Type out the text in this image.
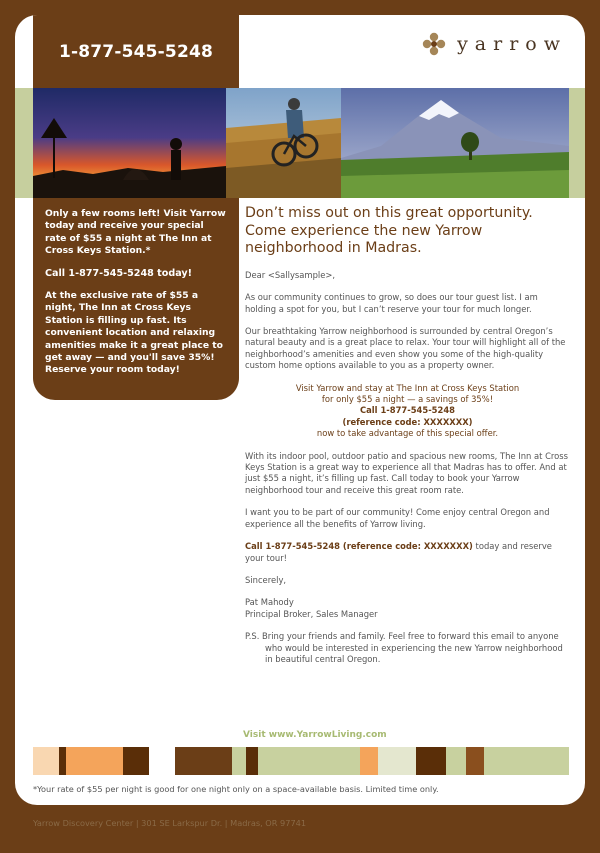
1-877-545-5248	yarrow

Only a few rooms left! Visit Yarrow today and receive your special rate of $55 a night at The Inn at Cross Keys Station.*

Call 1-877-545-5248 today!

At the exclusive rate of $55 a night, The Inn at Cross Keys Station is filling up fast. Its convenient location and relaxing amenities make it a great place to get away — and you'll save 35%! Reserve your room today!

Don’t miss out on this great opportunity. Come experience the new Yarrow neighborhood in Madras.

Dear <Sallysample>,

As our community continues to grow, so does our tour guest list. I am holding a spot for you, but I can’t reserve your tour for much longer.

Our breathtaking Yarrow neighborhood is surrounded by central Oregon’s natural beauty and is a great place to relax. Your tour will highlight all of the neighborhood’s amenities and even show you some of the high-quality custom home options available to you as a property owner.

Visit Yarrow and stay at The Inn at Cross Keys Station
for only $55 a night — a savings of 35%!
Call 1-877-545-5248
(reference code: XXXXXXX)
now to take advantage of this special offer.

With its indoor pool, outdoor patio and spacious new rooms, The Inn at Cross Keys Station is a great way to experience all that Madras has to offer. And at just $55 a night, it’s filling up fast. Call today to book your Yarrow neighborhood tour and receive this great room rate.

I want you to be part of our community! Come enjoy central Oregon and experience all the benefits of Yarrow living.

Call 1-877-545-5248 (reference code: XXXXXXX) today and reserve your tour!

Sincerely,

Pat Mahody
Principal Broker, Sales Manager

P.S. Bring your friends and family. Feel free to forward this email to anyone who would be interested in experiencing the new Yarrow neighborhood in beautiful central Oregon.

Visit www.YarrowLiving.com
*Your rate of $55 per night is good for one night only on a space-available basis. Limited time only.
Yarrow Discovery Center | 301 SE Larkspur Dr. | Madras, OR 97741
